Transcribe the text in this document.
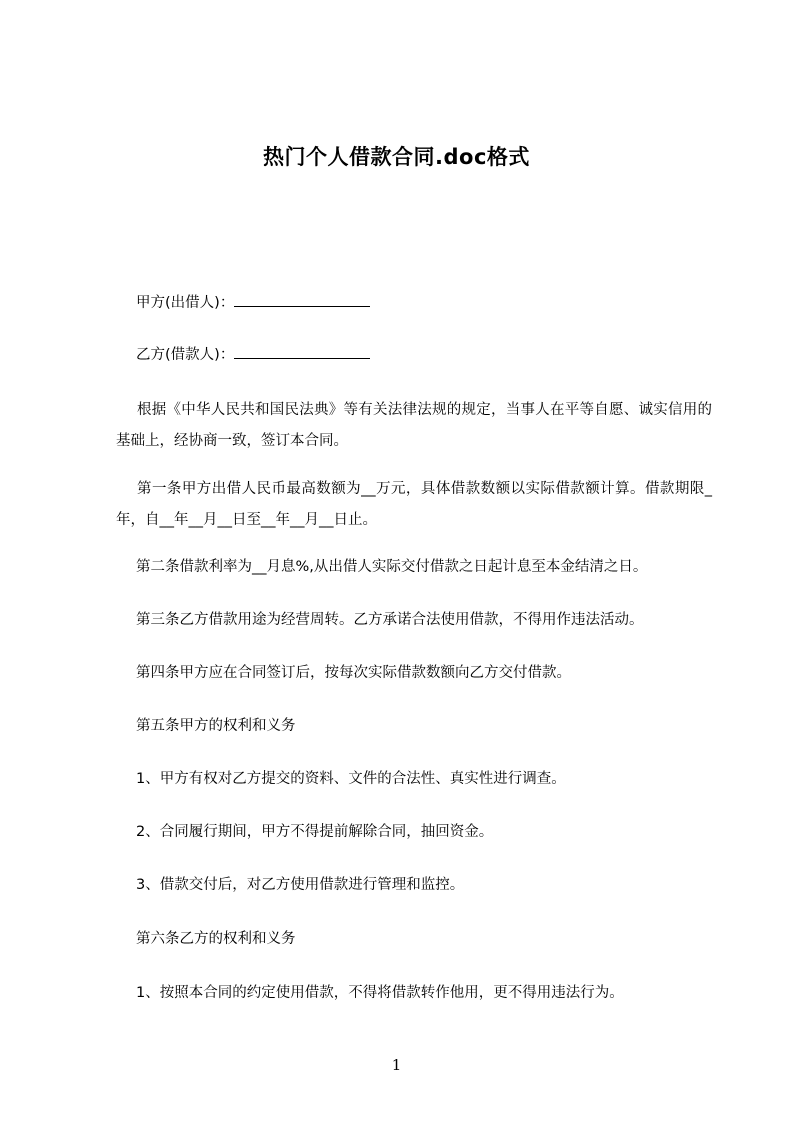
热门个人借款合同.doc格式
甲方(出借人)：
乙方(借款人)：
根据《中华人民共和国民法典》等有关法律法规的规定，当事人在平等自愿、诚实信用的基础上，经协商一致，签订本合同。
第一条甲方出借人民币最高数额为__万元，具体借款数额以实际借款额计算。借款期限_年，自__年__月__日至__年__月__日止。
第二条借款利率为__月息%,从出借人实际交付借款之日起计息至本金结清之日。
第三条乙方借款用途为经营周转。乙方承诺合法使用借款，不得用作违法活动。
第四条甲方应在合同签订后，按每次实际借款数额向乙方交付借款。
第五条甲方的权利和义务
1、甲方有权对乙方提交的资料、文件的合法性、真实性进行调查。
2、合同履行期间，甲方不得提前解除合同，抽回资金。
3、借款交付后，对乙方使用借款进行管理和监控。
第六条乙方的权利和义务
1、按照本合同的约定使用借款，不得将借款转作他用，更不得用违法行为。
1
